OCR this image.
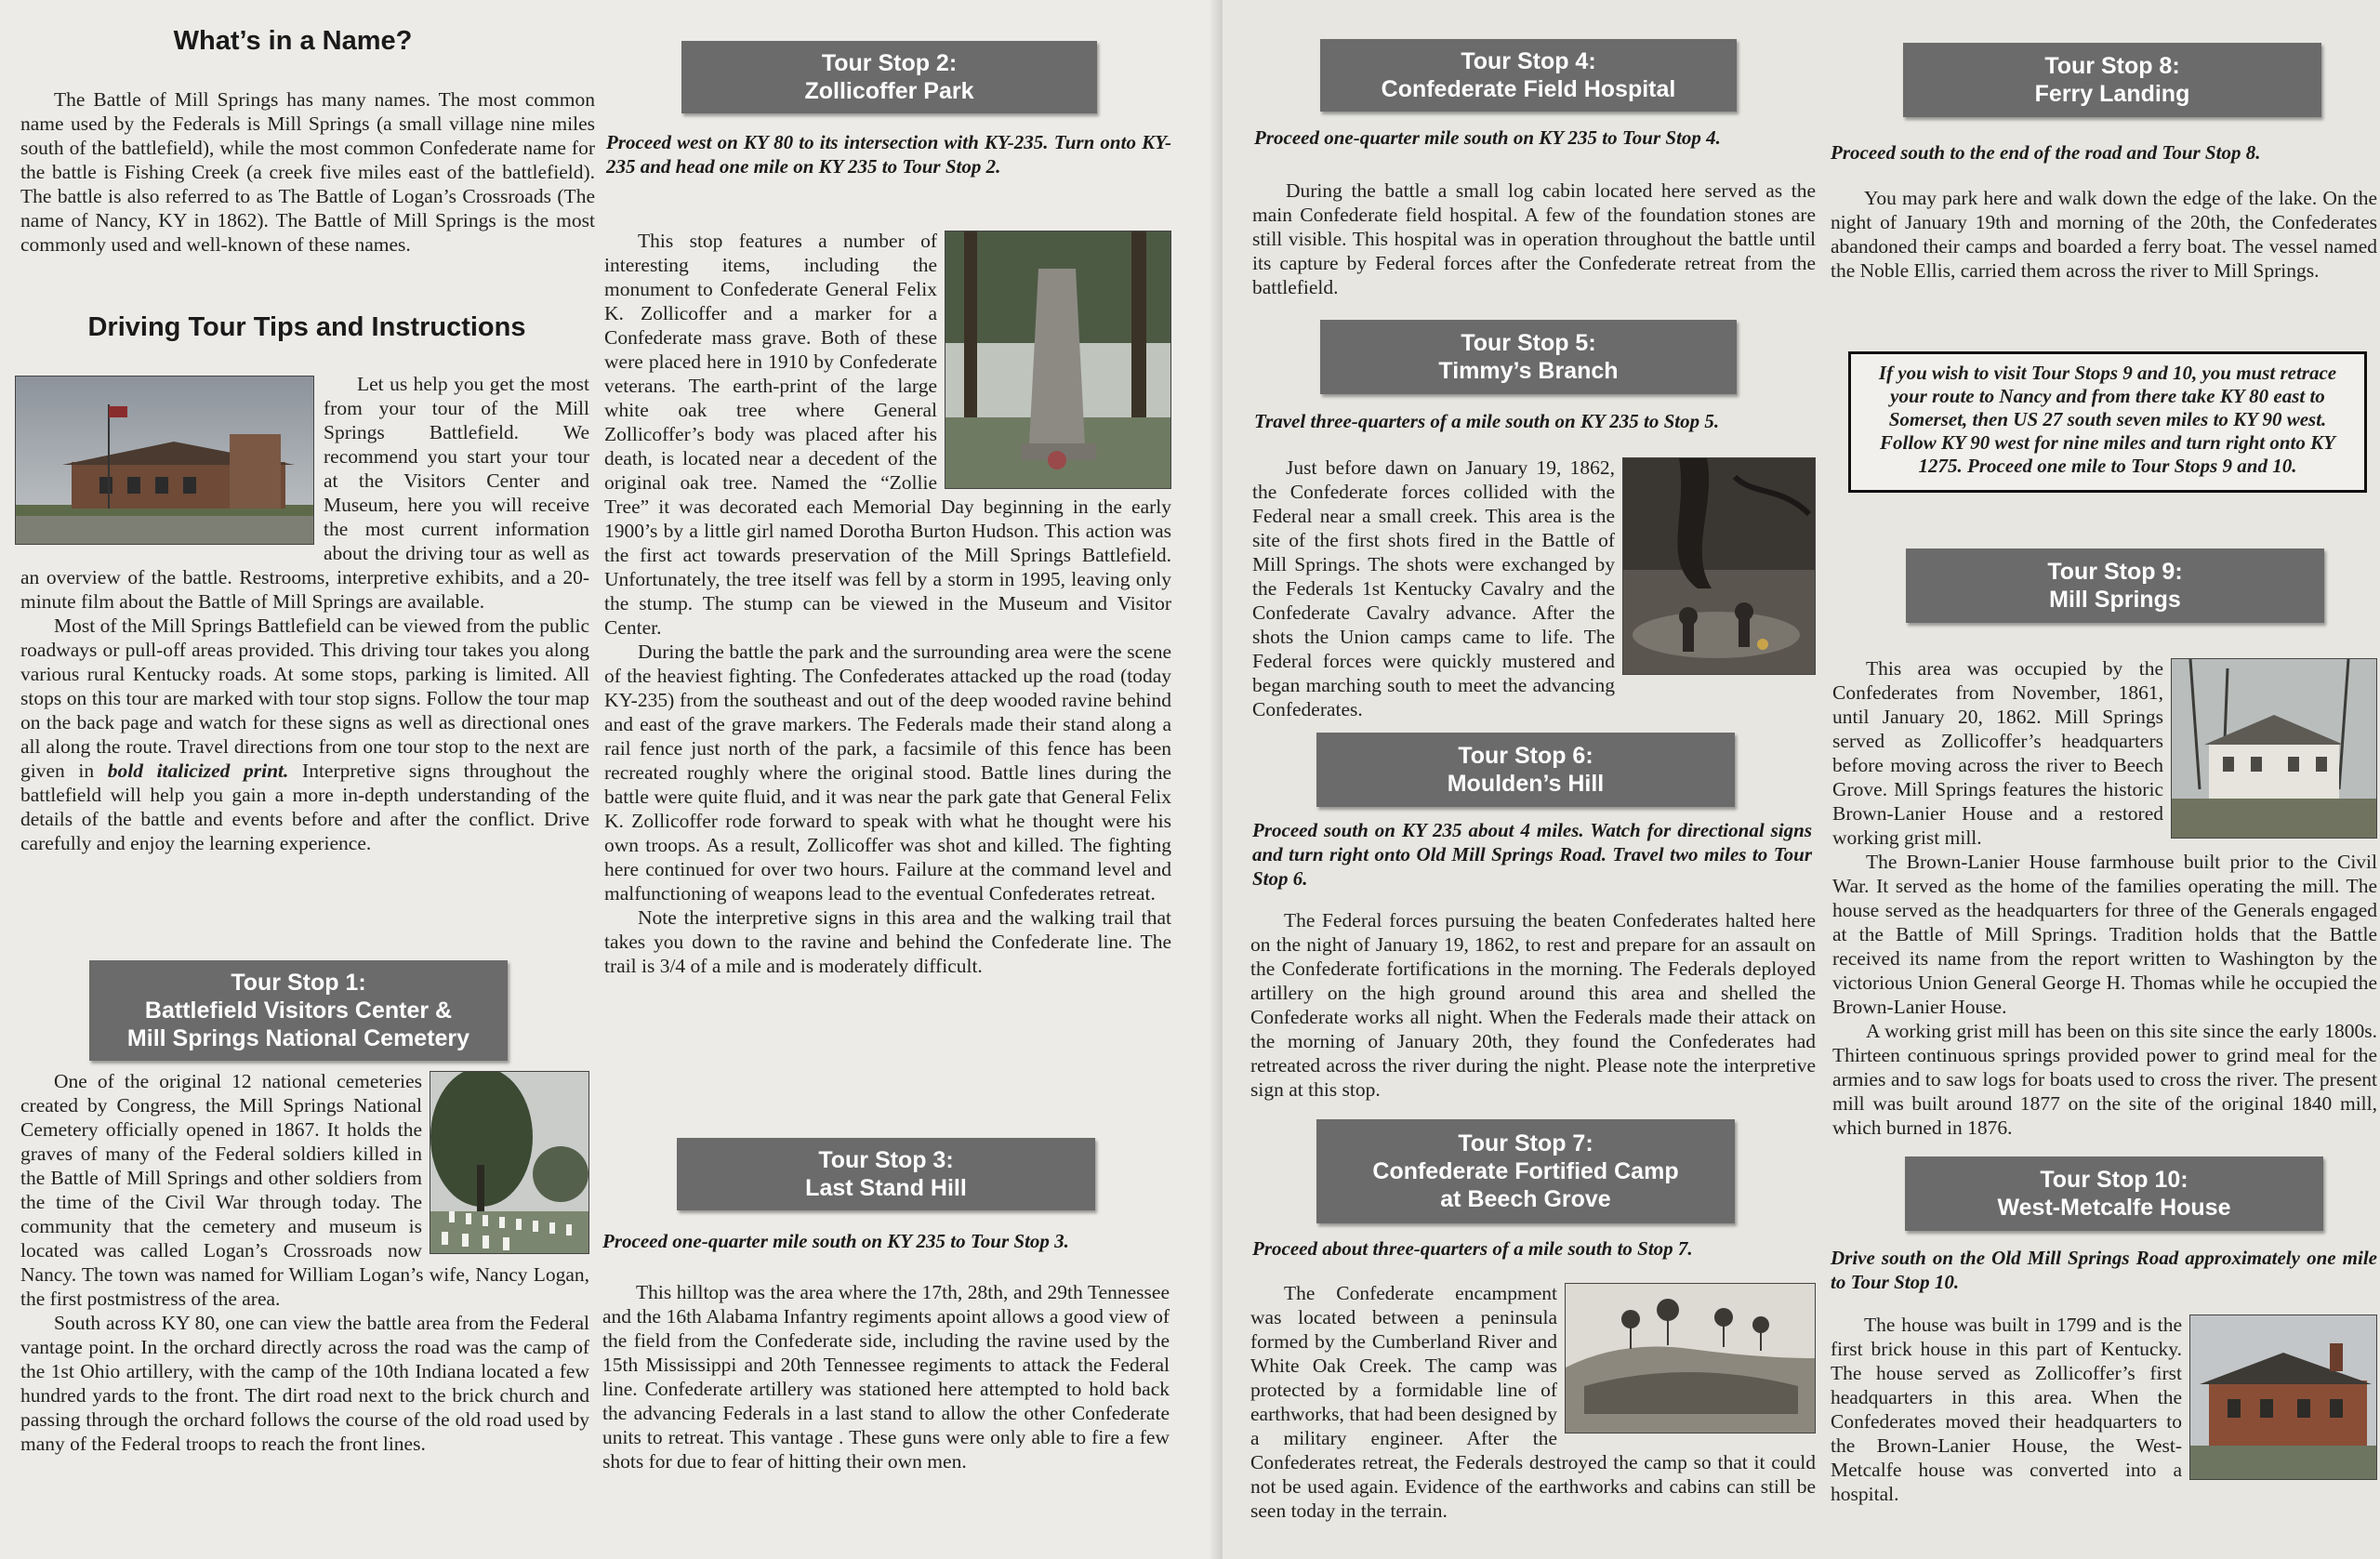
What’s in a Name?

The Battle of Mill Springs has many names. The most common name used by the Federals is Mill Springs (a small village nine miles south of the battlefield), while the most common Confederate name for the battle is Fishing Creek (a creek five miles east of the battlefield). The battle is also referred to as The Battle of Logan’s Crossroads (The name of Nancy, KY in 1862). The Battle of Mill Springs is the most commonly used and well-known of these names.

Driving Tour Tips and Instructions

Let us help you get the most from your tour of the Mill Springs Battlefield. We recommend you start your tour at the Visitors Center and Museum, here you will receive the most current information about the driving tour as well as an overview of the battle. Restrooms, interpretive exhibits, and a 20-minute film about the Battle of Mill Springs are available.

Most of the Mill Springs Battlefield can be viewed from the public roadways or pull-off areas provided. This driving tour takes you along various rural Kentucky roads. At some stops, parking is limited. All stops on this tour are marked with tour stop signs. Follow the tour map on the back page and watch for these signs as well as directional ones all along the route. Travel directions from one tour stop to the next are given in bold italicized print. Interpretive signs throughout the battlefield will help you gain a more in-depth understanding of the details of the battle and events before and after the conflict. Drive carefully and enjoy the learning experience.

Tour Stop 1:
Battlefield Visitors Center &
Mill Springs National Cemetery

One of the original 12 national cemeteries created by Congress, the Mill Springs National Cemetery officially opened in 1867. It holds the graves of many of the Federal soldiers killed in the Battle of Mill Springs and other soldiers from the time of the Civil War through today. The community that the cemetery and museum is located was called Logan’s Crossroads now Nancy. The town was named for William Logan’s wife, Nancy Logan, the first postmistress of the area.

South across KY 80, one can view the battle area from the Federal vantage point. In the orchard directly across the road was the camp of the 1st Ohio artillery, with the camp of the 10th Indiana located a few hundred yards to the front. The dirt road next to the brick church and passing through the orchard follows the course of the old road used by many of the Federal troops to reach the front lines.

Tour Stop 2:
Zollicoffer Park
Proceed west on KY 80 to its intersection with KY-235. Turn onto KY-235 and head one mile on KY 235 to Tour Stop 2.

This stop features a number of interesting items, including the monument to Confederate General Felix K. Zollicoffer and a marker for a Confederate mass grave. Both of these were placed here in 1910 by Confederate veterans. The earth-print of the large white oak tree where General Zollicoffer’s body was placed after his death, is located near a decedent of the original oak tree. Named the “Zollie Tree” it was decorated each Memorial Day beginning in the early 1900’s by a little girl named Dorotha Burton Hudson. This action was the first act towards preservation of the Mill Springs Battlefield. Unfortunately, the tree itself was fell by a storm in 1995, leaving only the stump. The stump can be viewed in the Museum and Visitor Center.

During the battle the park and the surrounding area were the scene of the heaviest fighting. The Confederates attacked up the road (today KY-235) from the southeast and out of the deep wooded ravine behind and east of the grave markers. The Federals made their stand along a rail fence just north of the park, a facsimile of this fence has been recreated roughly where the original stood. Battle lines during the battle were quite fluid, and it was near the park gate that General Felix K. Zollicoffer rode forward to speak with what he thought were his own troops. As a result, Zollicoffer was shot and killed. The fighting here continued for over two hours. Failure at the command level and malfunctioning of weapons lead to the eventual Confederates retreat.

Note the interpretive signs in this area and the walking trail that takes you down to the ravine and behind the Confederate line. The trail is 3/4 of a mile and is moderately difficult.

Tour Stop 3:
Last Stand Hill
Proceed one-quarter mile south on KY 235 to Tour Stop 3.

This hilltop was the area where the 17th, 28th, and 29th Tennessee and the 16th Alabama Infantry regiments apoint allows a good view of the field from the Confederate side, including the ravine used by the 15th Mississippi and 20th Tennessee regiments to attack the Federal line. Confederate artillery was stationed here attempted to hold back the advancing Federals in a last stand to allow the other Confederate units to retreat. This vantage . These guns were only able to fire a few shots for due to fear of hitting their own men.

Tour Stop 4:
Confederate Field Hospital
Proceed one-quarter mile south on KY 235 to Tour Stop 4.

During the battle a small log cabin located here served as the main Confederate field hospital. A few of the foundation stones are still visible. This hospital was in operation throughout the battle until its capture by Federal forces after the Confederate retreat from the battlefield.

Tour Stop 5:
Timmy’s Branch
Travel three-quarters of a mile south on KY 235 to Stop 5.

Just before dawn on January 19, 1862, the Confederate forces collided with the Federal near a small creek. This area is the site of the first shots fired in the Battle of Mill Springs. The shots were exchanged by the Federals 1st Kentucky Cavalry and the Confederate Cavalry advance. After the shots the Union camps came to life. The Federal forces were quickly mustered and began marching south to meet the advancing Confederates.

Tour Stop 6:
Moulden’s Hill
Proceed south on KY 235 about 4 miles. Watch for directional signs and turn right onto Old Mill Springs Road. Travel two miles to Tour Stop 6.

The Federal forces pursuing the beaten Confederates halted here on the night of January 19, 1862, to rest and prepare for an assault on the Confederate fortifications in the morning. The Federals deployed artillery on the high ground around this area and shelled the Confederate works all night. When the Federals made their attack on the morning of January 20th, they found the Confederates had retreated across the river during the night. Please note the interpretive sign at this stop.

Tour Stop 7:
Confederate Fortified Camp
at Beech Grove
Proceed about three-quarters of a mile south to Stop 7.

The Confederate encampment was located between a peninsula formed by the Cumberland River and White Oak Creek. The camp was protected by a formidable line of earthworks, that had been designed by a military engineer. After the Confederates retreat, the Federals destroyed the camp so that it could not be used again. Evidence of the earthworks and cabins can still be seen today in the terrain.

Tour Stop 8:
Ferry Landing
Proceed south to the end of the road and Tour Stop 8.

You may park here and walk down the edge of the lake. On the night of January 19th and morning of the 20th, the Confederates abandoned their camps and boarded a ferry boat. The vessel named the Noble Ellis, carried them across the river to Mill Springs.

If you wish to visit Tour Stops 9 and 10, you must retrace your route to Nancy and from there take KY 80 east to Somerset, then US 27 south seven miles to KY 90 west. Follow KY 90 west for nine miles and turn right onto KY 1275. Proceed one mile to Tour Stops 9 and 10.
Tour Stop 9:
Mill Springs

This area was occupied by the Confederates from November, 1861, until January 20, 1862. Mill Springs served as Zollicoffer’s headquarters before moving across the river to Beech Grove. Mill Springs features the historic Brown-Lanier House and a restored working grist mill.

The Brown-Lanier House farmhouse built prior to the Civil War. It served as the home of the families operating the mill. The house served as the headquarters for three of the Generals engaged at the Battle of Mill Springs. Tradition holds that the Battle received its name from the report written to Washington by the victorious Union General George H. Thomas while he occupied the Brown-Lanier House.

A working grist mill has been on this site since the early 1800s. Thirteen continuous springs provided power to grind meal for the armies and to saw logs for boats used to cross the river. The present mill was built around 1877 on the site of the original 1840 mill, which burned in 1876.

Tour Stop 10:
West-Metcalfe House
Drive south on the Old Mill Springs Road approximately one mile to Tour Stop 10.

The house was built in 1799 and is the first brick house in this part of Kentucky. The house served as Zollicoffer’s first headquarters in this area. When the Confederates moved their headquarters to the Brown-Lanier House, the West-Metcalfe house was converted into a hospital.
